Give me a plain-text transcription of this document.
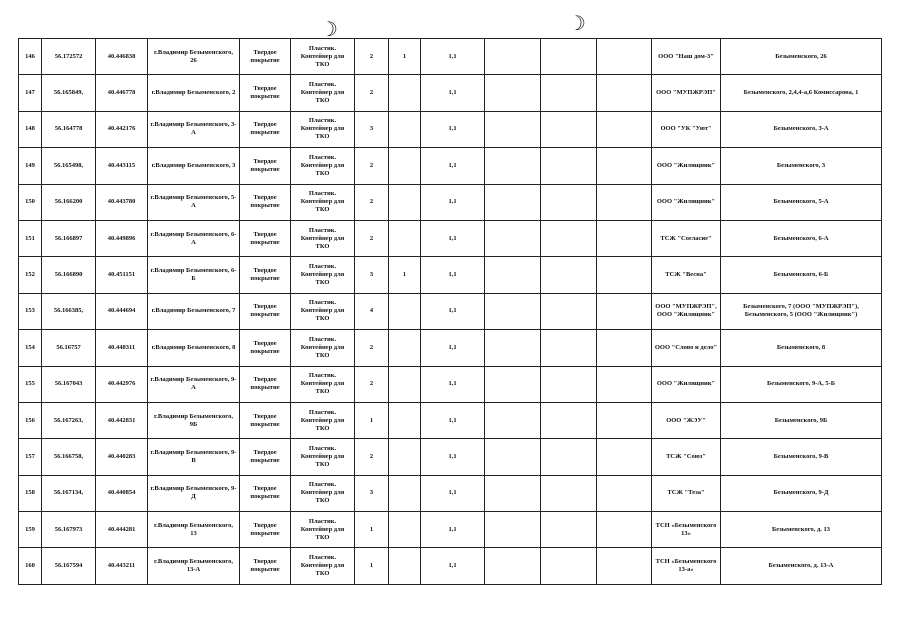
☽	☽
146	56.172572	40.446838	г.Владимир Безыменского, 26	Твердое покрытие	Пластик. Контейнер для ТКО	2	1	1,1				ООО "Наш дом-3"	Безыменского, 26
147	56.165849,	40.446778	г.Владимир Безыменского, 2	Твердое покрытие	Пластик. Контейнер для ТКО	2		1,1				ООО "МУПЖРЭП"	Безыменского, 2,4,4-а,6 Комиссарова, 1
148	56.164778	40.442176	г.Владимир Безыменского, 3-А	Твердое покрытие	Пластик. Контейнер для ТКО	3		1,1				ООО "УК "Уют"	Безыменского, 3-А
149	56.165498,	40.443115	г.Владимир Безыменского, 3	Твердое покрытие	Пластик. Контейнер для ТКО	2		1,1				ООО "Жилищник"	Безыменского, 3
150	56.166200	40.443780	г.Владимир Безыменского, 5-А	Твердое покрытие	Пластик. Контейнер для ТКО	2		1,1				ООО "Жилищник"	Безыменского, 5-А
151	56.166897	40.449896	г.Владимир Безыменского, 6-А	Твердое покрытие	Пластик. Контейнер для ТКО	2		1,1				ТСЖ "Согласие"	Безыменского, 6-А
152	56.166890	40.451151	г.Владимир Безыменского, 6-Б	Твердое покрытие	Пластик. Контейнер для ТКО	3	1	1,1				ТСЖ "Весна"	Безыменского, 6-Б
153	56.166385,	40.444694	г.Владимир Безыменского, 7	Твердое покрытие	Пластик. Контейнер для ТКО	4		1,1				ООО "МУПЖРЭП", ООО "Жилищник"	Безыменского, 7 (ООО "МУПЖРЭП"), Безыменского, 5 (ООО "Жилищник")
154	56.16757	40.448311	г.Владимир Безыменского, 8	Твердое покрытие	Пластик. Контейнер для ТКО	2		1,1				ООО "Слово и дело"	Безыменского, 8
155	56.167043	40.442976	г.Владимир Безыменского, 9-А	Твердое покрытие	Пластик. Контейнер для ТКО	2		1,1				ООО "Жилищник"	Безыменского, 9-А, 5-Б
156	56.167263,	40.442831	г.Владимир Безыменского, 9Б	Твердое покрытие	Пластик. Контейнер для ТКО	1		1,1				ООО "ЖЭУ"	Безыменского, 9Б
157	56.166758,	40.440283	г.Владимир Безыменского, 9-В	Твердое покрытие	Пластик. Контейнер для ТКО	2		1,1				ТСЖ "Союз"	Безыменского, 9-В
158	56.167134,	40.440854	г.Владимир Безыменского, 9-Д	Твердое покрытие	Пластик. Контейнер для ТКО	3		1,1				ТСЖ "Теза"	Безыменского, 9-Д
159	56.167973	40.444281	г.Владимир Безыменского, 13	Твердое покрытие	Пластик. Контейнер для ТКО	1		1,1				ТСН «Безыменского 13»	Безыменского, д. 13
160	56.167594	40.443211	г.Владимир Безыменского, 13-А	Твердое покрытие	Пластик. Контейнер для ТКО	1		1,1				ТСН «Безыменского 13-а»	Безыменского, д. 13-А
